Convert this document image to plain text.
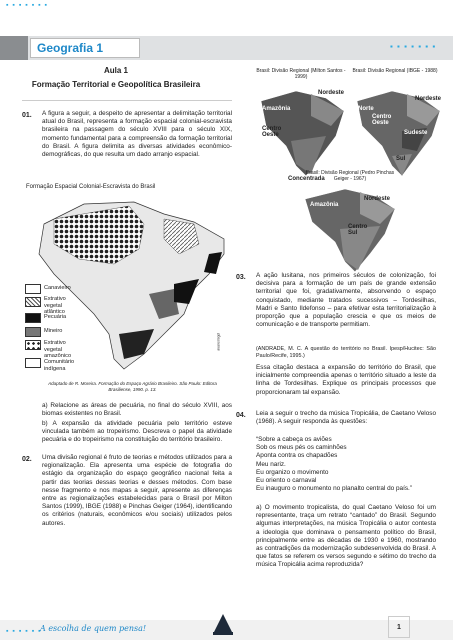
▪ ▪ ▪ ▪ ▪ ▪ ▪
Geografia 1	▪ ▪ ▪ ▪ ▪ ▪ ▪
Aula 1
Formação Territorial e Geopolítica Brasileira
01. A figura a seguir, a despeito de apresentar a delimitação territorial atual do Brasil, representa a formação espacial colonial-escravista brasileira na passagem do século XVIII para o século XIX, momento fundamental para a compreensão da formação territorial do Brasil. A figura delimita as diversas atividades econômico-demográficas, do que resulta um dado arranjo espacial.
Formação Espacial Colonial-Escravista do Brasil
Canavieiro
Extrativo vegetal atlântico
Pecuária
Mineiro
Extrativo vegetal amazônico
Comunitário indígena
avares/sgd
Adaptado de R. Moreira. Formação do Espaço Agrário Brasileiro. São Paulo: Editora Brasiliense, 1990. p. 13.
a) Relacione as áreas de pecuária, no final do século XVIII, aos biomas existentes no Brasil.
b) A expansão da atividade pecuária pelo território esteve vinculada também ao tropeirismo. Descreva o papel da atividade pecuária e do tropeirismo na constituição do território brasileiro.
02. Uma divisão regional é fruto de teorias e métodos utilizados para a regionalização. Ela apresenta uma espécie de fotografia do estágio da organização do espaço geográfico nacional feita a partir das teorias dessas teorias e desses métodos. Com base nesse fragmento e nos mapas a seguir, apresente as diferenças entre as regionalizações estabelecidas para o Brasil por Milton Santos (1999), IBGE (1988) e Pinchas Geiger (1964), identificando os critérios (naturais, econômicos e/ou sociais) utilizados pelos autores.
Brasil: Divisão Regional (Milton Santos - 1999)
Amazônia
Nordeste
Centro Oeste
Concentrada
Brasil: Divisão Regional (IBGE - 1988)
Norte
Nordeste
Centro Oeste
Sudeste
Sul
Brasil: Divisão Regional (Pedro Pinchas Geiger - 1967)
Amazônia
Nordeste
Centro Sul
03. A ação lusitana, nos primeiros séculos de colonização, foi decisiva para a formação de um país de grande extensão territorial que foi, gradativamente, absorvendo o espaço conquistado, mediante tratados sucessivos – Tordesilhas, Madri e Santo Ildefonso – para efetivar esta territorialização à proporção que a população crescia e que os meios de comunicação e de transporte permitiam.
(ANDRADE, M. C. A questão do território no Brasil. Ipesp/Hucitec: São Paulo/Recife, 1995.)
Essa citação destaca a expansão do território do Brasil, que inicialmente compreendia apenas o território situado a leste da linha de Tordesilhas. Explique os principais processos que proporcionaram tal expansão.
04. Leia a seguir o trecho da música Tropicália, de Caetano Veloso (1968). A seguir responda às questões:
“Sobre a cabeça os aviões
Sob os meus pés os caminhões
Aponta contra os chapadões
Meu nariz.
Eu organizo o movimento
Eu oriento o carnaval
Eu inauguro o monumento no planalto central do país.”
a) O movimento tropicalista, do qual Caetano Veloso foi um representante, traça um retrato “cantado” do Brasil. Segundo algumas interpretações, na música Tropicália o autor contesta a ideologia que dominava o pensamento político do Brasil, principalmente entre as décadas de 1930 e 1960, mostrando as contradições da modernização subdesenvolvida do Brasil. A que fatos se referem os versos segundo e sétimo do trecho da música Tropicália acima reproduzida?
▪ ▪ ▪ ▪ ▪ ▪
A escolha de quem pensa!	1
